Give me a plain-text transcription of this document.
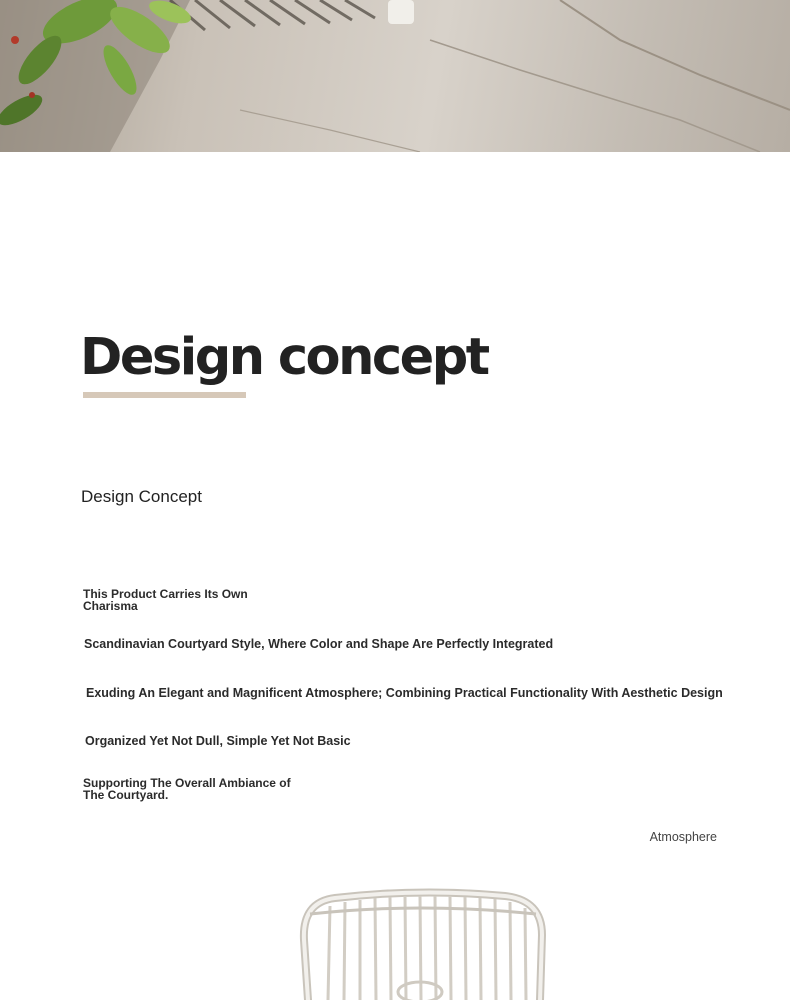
Design concept
Design Concept

This Product Carries Its Own Charisma

Scandinavian Courtyard Style, Where Color and Shape Are Perfectly Integrated

Exuding An Elegant and Magnificent Atmosphere; Combining Practical Functionality With Aesthetic Design

Organized Yet Not Dull, Simple Yet Not Basic

Supporting The Overall Ambiance of The Courtyard.

Atmosphere
